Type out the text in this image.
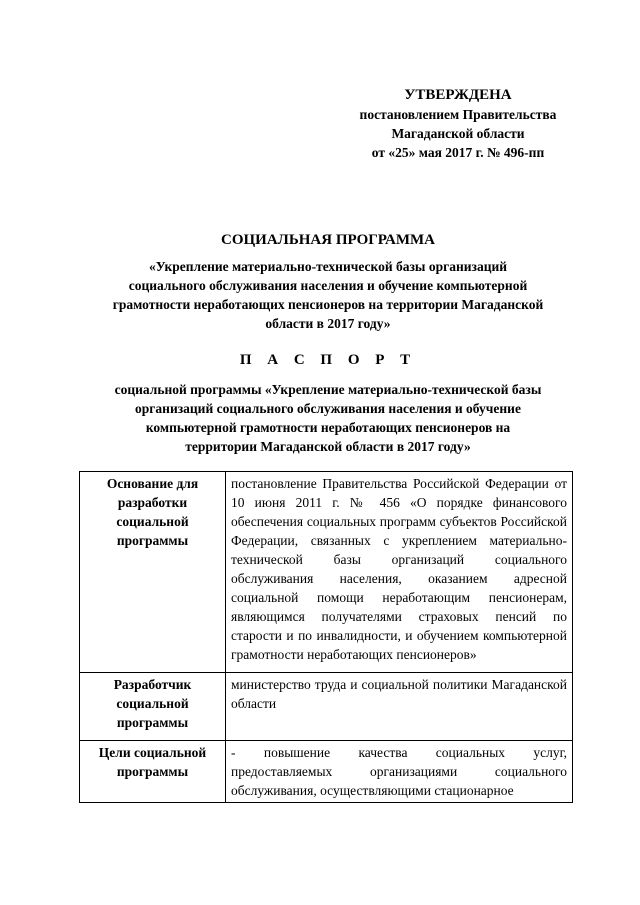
УТВЕРЖДЕНА
постановлением Правительства
Магаданской области
от «25» мая 2017 г. № 496-пп
СОЦИАЛЬНАЯ ПРОГРАММА
«Укрепление материально-технической базы организаций
социального обслуживания населения и обучение компьютерной
грамотности неработающих пенсионеров на территории Магаданской
области в 2017 году»
П А С П О Р Т
социальной программы «Укрепление материально-технической базы
организаций социального обслуживания населения и обучение
компьютерной грамотности неработающих пенсионеров на
территории Магаданской области в 2017 году»
Основание для разработки социальной программы	постановление Правительства Российской Федерации от 10 июня 2011 г. № 456 «О порядке финансового обеспечения социальных программ субъектов Российской Федерации, связанных с укреплением материально-технической базы организаций социального обслуживания населения, оказанием адресной социальной помощи неработающим пенсионерам, являющимся получателями страховых пенсий по старости и по инвалидности, и обучением компьютерной грамотности неработающих пенсионеров»
Разработчик социальной программы	министерство труда и социальной политики Магаданской области
Цели социальной программы	- повышение качества социальных услуг, предоставляемых организациями социального обслуживания, осуществляющими стационарное
